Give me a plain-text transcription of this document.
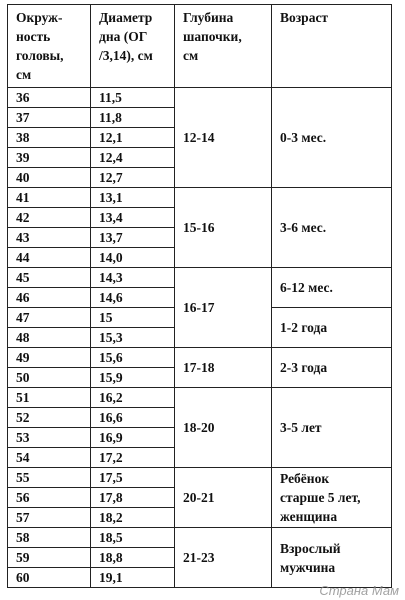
Окруж-
ность
головы,
см	Диаметр
дна (ОГ
/3,14), см	Глубина
шапочки,
см	Возраст
36	11,5	12-14	0-3 мес.
37	11,8		
38	12,1		
39	12,4		
40	12,7		
41	13,1	15-16	3-6 мес.
42	13,4		
43	13,7		
44	14,0		
45	14,3	16-17	6-12 мес.
46	14,6		
47	15		1-2 года
48	15,3		
49	15,6	17-18	2-3 года
50	15,9		
51	16,2	18-20	3-5 лет
52	16,6		
53	16,9		
54	17,2		
55	17,5	20-21	Ребёнок
старше 5 лет,
женщина
56	17,8		
57	18,2		
58	18,5	21-23	Взрослый
мужчина
59	18,8		
60	19,1		
Страна Мам
